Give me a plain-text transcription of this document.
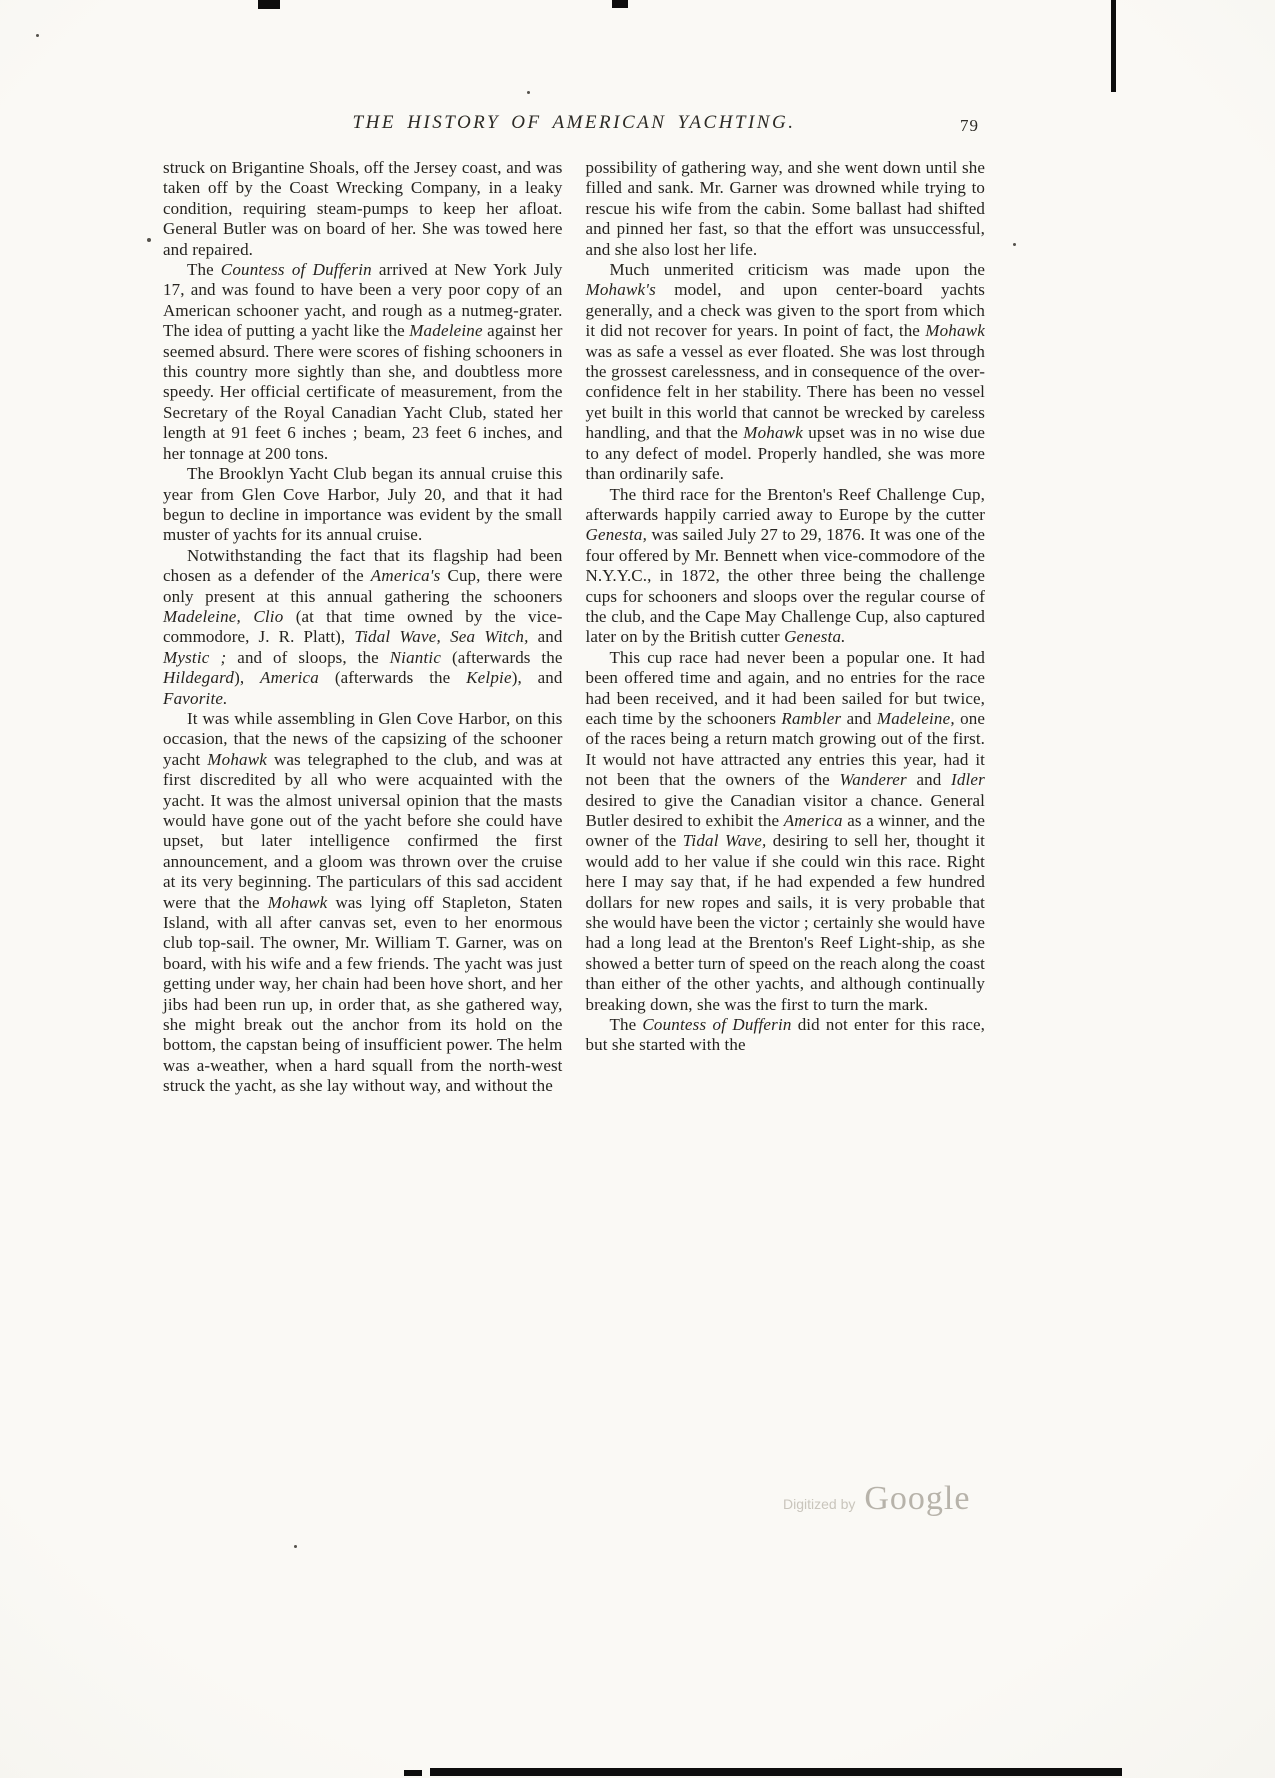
THE HISTORY OF AMERICAN YACHTING.	79

struck on Brigantine Shoals, off the Jersey coast, and was taken off by the Coast Wrecking Company, in a leaky condition, requiring steam-pumps to keep her afloat. General Butler was on board of her. She was towed here and repaired.

The Countess of Dufferin arrived at New York July 17, and was found to have been a very poor copy of an American schooner yacht, and rough as a nutmeg-grater. The idea of putting a yacht like the Madeleine against her seemed absurd. There were scores of fishing schooners in this country more sightly than she, and doubtless more speedy. Her official certificate of measurement, from the Secretary of the Royal Canadian Yacht Club, stated her length at 91 feet 6 inches ; beam, 23 feet 6 inches, and her tonnage at 200 tons.

The Brooklyn Yacht Club began its annual cruise this year from Glen Cove Harbor, July 20, and that it had begun to decline in importance was evident by the small muster of yachts for its annual cruise.

Notwithstanding the fact that its flagship had been chosen as a defender of the America's Cup, there were only present at this annual gathering the schooners Madeleine, Clio (at that time owned by the vice-commodore, J. R. Platt), Tidal Wave, Sea Witch, and Mystic ; and of sloops, the Niantic (afterwards the Hildegard), America (afterwards the Kelpie), and Favorite.

It was while assembling in Glen Cove Harbor, on this occasion, that the news of the capsizing of the schooner yacht Mohawk was telegraphed to the club, and was at first discredited by all who were acquainted with the yacht. It was the almost universal opinion that the masts would have gone out of the yacht before she could have upset, but later intelligence confirmed the first announcement, and a gloom was thrown over the cruise at its very beginning. The particulars of this sad accident were that the Mohawk was lying off Stapleton, Staten Island, with all after canvas set, even to her enormous club top-sail. The owner, Mr. William T. Garner, was on board, with his wife and a few friends. The yacht was just getting under way, her chain had been hove short, and her jibs had been run up, in order that, as she gathered way, she might break out the anchor from its hold on the bottom, the capstan being of insufficient power. The helm was a-weather, when a hard squall from the north-west struck the yacht, as she lay without way, and without the

possibility of gathering way, and she went down until she filled and sank. Mr. Garner was drowned while trying to rescue his wife from the cabin. Some ballast had shifted and pinned her fast, so that the effort was unsuccessful, and she also lost her life.

Much unmerited criticism was made upon the Mohawk's model, and upon center-board yachts generally, and a check was given to the sport from which it did not recover for years. In point of fact, the Mohawk was as safe a vessel as ever floated. She was lost through the grossest carelessness, and in consequence of the over-confidence felt in her stability. There has been no vessel yet built in this world that cannot be wrecked by careless handling, and that the Mohawk upset was in no wise due to any defect of model. Properly handled, she was more than ordinarily safe.

The third race for the Brenton's Reef Challenge Cup, afterwards happily carried away to Europe by the cutter Genesta, was sailed July 27 to 29, 1876. It was one of the four offered by Mr. Bennett when vice-commodore of the N.Y.Y.C., in 1872, the other three being the challenge cups for schooners and sloops over the regular course of the club, and the Cape May Challenge Cup, also captured later on by the British cutter Genesta.

This cup race had never been a popular one. It had been offered time and again, and no entries for the race had been received, and it had been sailed for but twice, each time by the schooners Rambler and Madeleine, one of the races being a return match growing out of the first. It would not have attracted any entries this year, had it not been that the owners of the Wanderer and Idler desired to give the Canadian visitor a chance. General Butler desired to exhibit the America as a winner, and the owner of the Tidal Wave, desiring to sell her, thought it would add to her value if she could win this race. Right here I may say that, if he had expended a few hundred dollars for new ropes and sails, it is very probable that she would have been the victor ; certainly she would have had a long lead at the Brenton's Reef Light-ship, as she showed a better turn of speed on the reach along the coast than either of the other yachts, and although continually breaking down, she was the first to turn the mark.

The Countess of Dufferin did not enter for this race, but she started with the

Digitized by Google
